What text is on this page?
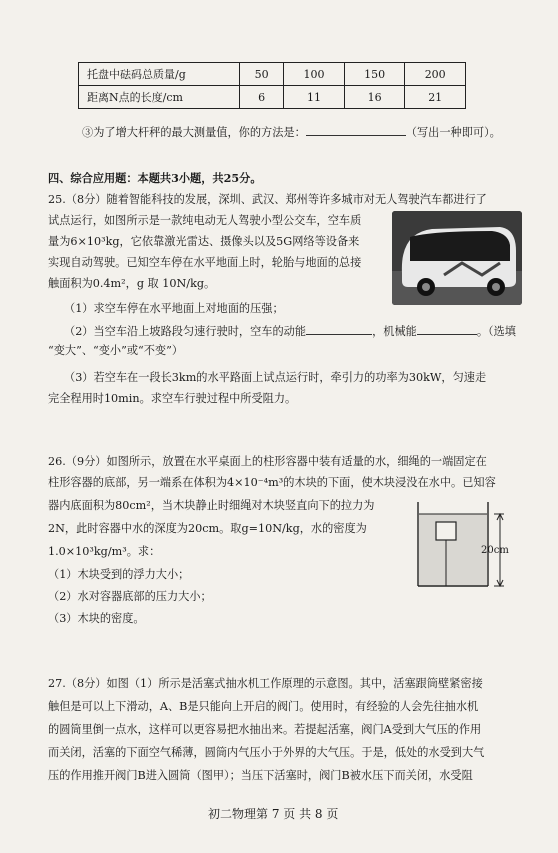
托盘中砝码总质量/g	50	100	150	200
距离N点的长度/cm	6	11	16	21
③为了增大杆秤的最大测量值，你的方法是：	（写出一种即可）。
四、综合应用题：本题共3小题，共25分。
25.（8分）随着智能科技的发展，深圳、武汉、郑州等许多城市对无人驾驶汽车都进行了
试点运行，如图所示是一款纯电动无人驾驶小型公交车，空车质
量为6×10³kg，它依靠激光雷达、摄像头以及5G网络等设备来
实现自动驾驶。已知空车停在水平地面上时，轮胎与地面的总接
触面积为0.4m²，g 取 10N/kg。
（1）求空车停在水平地面上对地面的压强；
（2）当空车沿上坡路段匀速行驶时，空车的动能	，机械能	。（选填
“变大”、“变小”或“不变”）
（3）若空车在一段长3km的水平路面上试点运行时，牵引力的功率为30kW，匀速走
完全程用时10min。求空车行驶过程中所受阻力。
26.（9分）如图所示，放置在水平桌面上的柱形容器中装有适量的水，细绳的一端固定在
柱形容器的底部，另一端系在体积为4×10⁻⁴m³的木块的下面，使木块浸没在水中。已知容
器内底面积为80cm²，当木块静止时细绳对木块竖直向下的拉力为
2N，此时容器中水的深度为20cm。取g=10N/kg，水的密度为
1.0×10³kg/m³。求：
（1）木块受到的浮力大小；
（2）水对容器底部的压力大小；
（3）木块的密度。
20cm
27.（8分）如图（1）所示是活塞式抽水机工作原理的示意图。其中，活塞跟筒壁紧密接
触但是可以上下滑动，A、B是只能向上开启的阀门。使用时，有经验的人会先往抽水机
的圆筒里倒一点水，这样可以更容易把水抽出来。若提起活塞，阀门A受到大气压的作用
而关闭，活塞的下面空气稀薄，圆筒内气压小于外界的大气压。于是，低处的水受到大气
压的作用推开阀门B进入圆筒（图甲）；当压下活塞时，阀门B被水压下而关闭，水受阻
初二物理第 7 页 共 8 页
